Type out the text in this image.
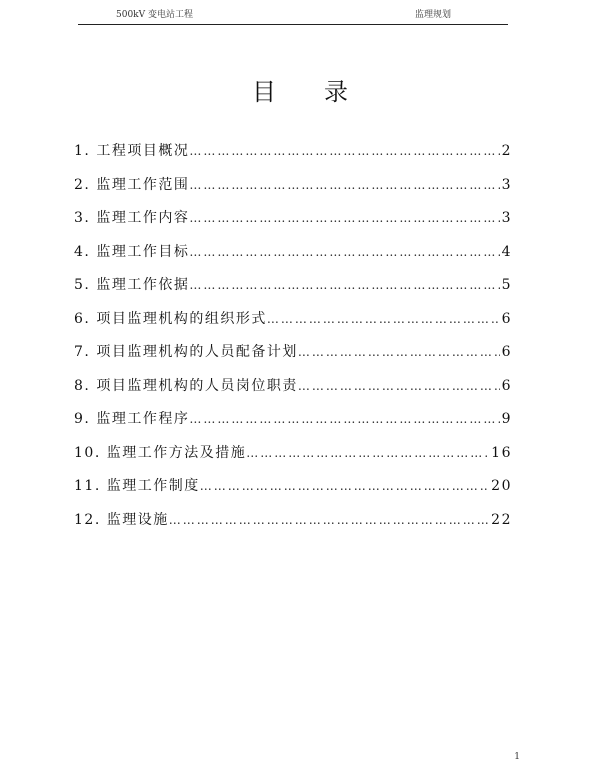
500kV 变电站工程	监理规划
目录
1. 工程项目概况 ………………………………………………………………………………………………………………	2
2. 监理工作范围 ………………………………………………………………………………………………………………	3
3. 监理工作内容 ………………………………………………………………………………………………………………	3
4. 监理工作目标 ………………………………………………………………………………………………………………	4
5. 监理工作依据 ………………………………………………………………………………………………………………	5
6. 项目监理机构的组织形式 ………………………………………………………………………………………………………………	6
7. 项目监理机构的人员配备计划 ………………………………………………………………………………………………………………	6
8. 项目监理机构的人员岗位职责 ………………………………………………………………………………………………………………	6
9. 监理工作程序 ………………………………………………………………………………………………………………	9
10. 监理工作方法及措施 ………………………………………………………………………………………………………………	16
11. 监理工作制度 ………………………………………………………………………………………………………………	20
12. 监理设施 ………………………………………………………………………………………………………………	22
1
